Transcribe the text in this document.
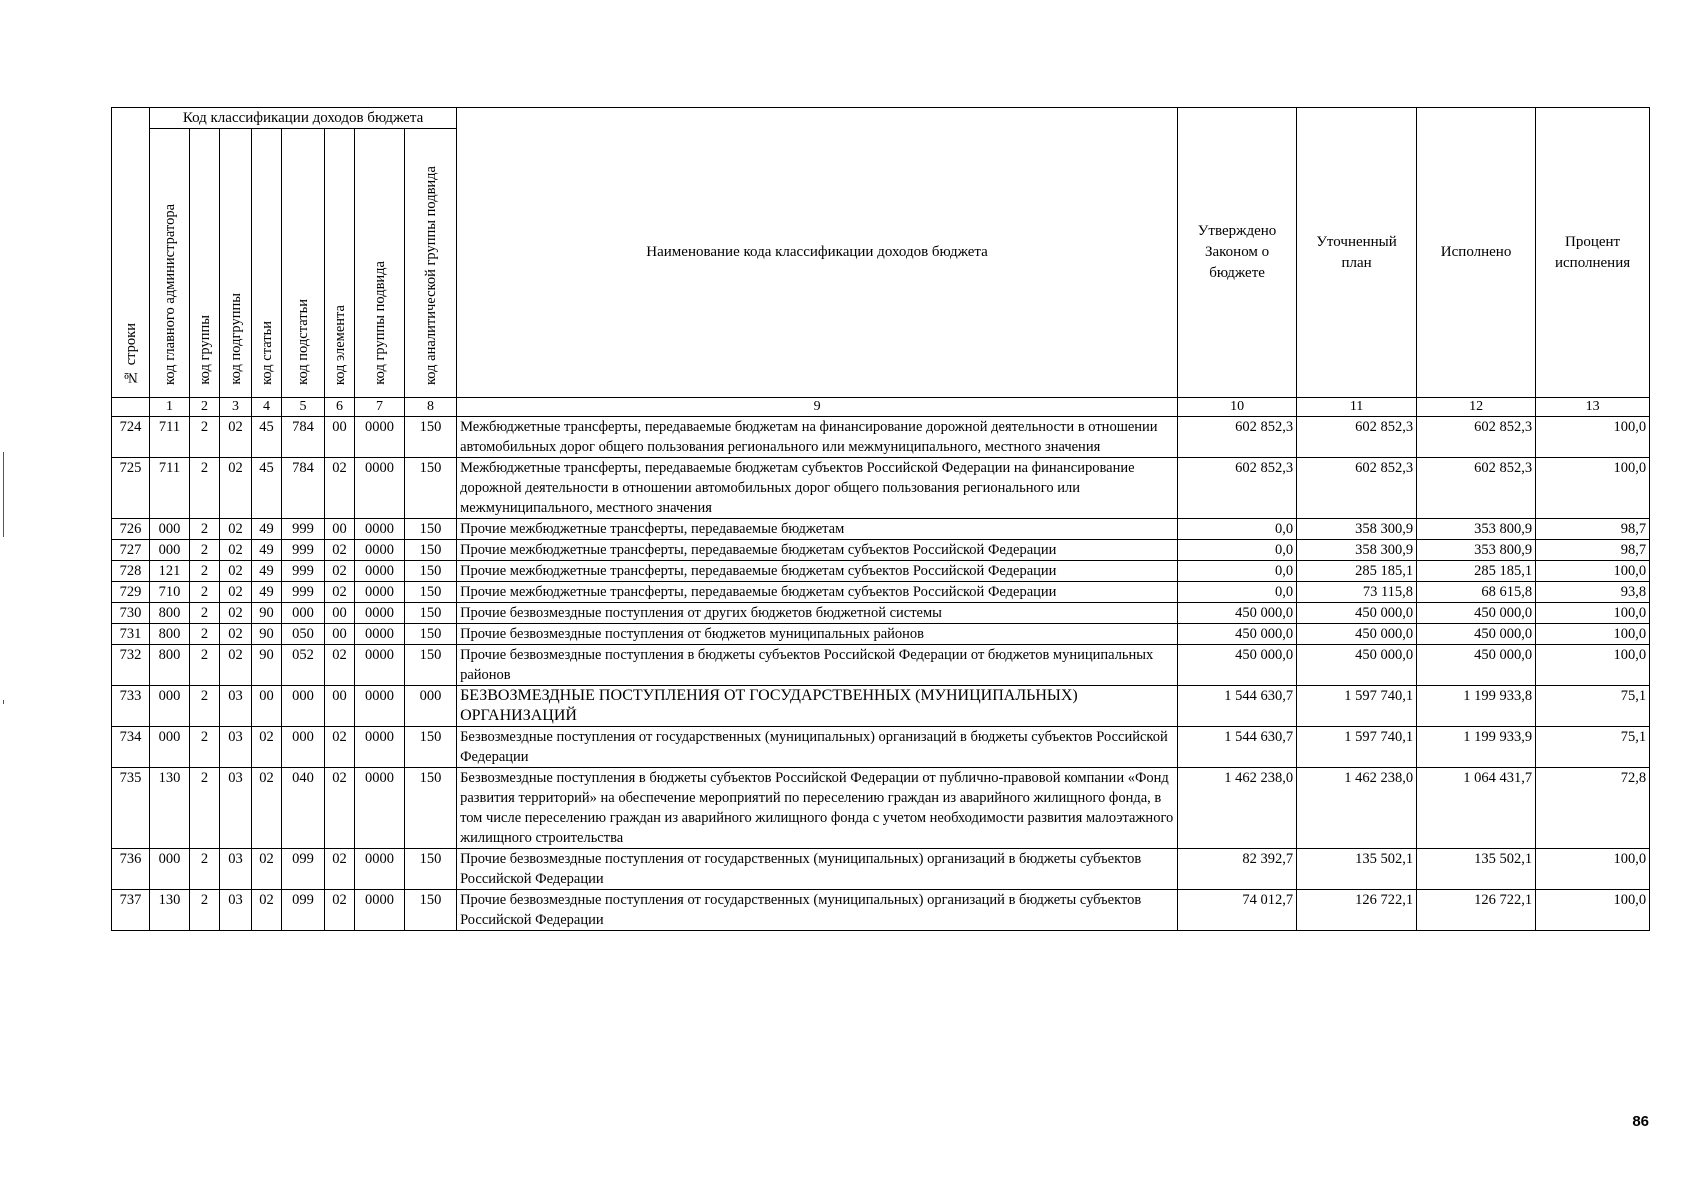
№ строки	Код классификации доходов бюджета								Наименование кода классификации доходов бюджета	Утверждено Законом о бюджете	Уточненный план	Исполнено	Процент исполнения
	код главного администратора	код группы	код подгруппы	код статьи	код подстатьи	код элемента	код группы подвида	код аналитической группы подвида					
	1	2	3	4	5	6	7	8	9	10	11	12	13
724	711	2	02	45	784	00	0000	150	Межбюджетные трансферты, передаваемые бюджетам на финансирование дорожной деятельности в отношении автомобильных дорог общего пользования регионального или межмуниципального, местного значения	602 852,3	602 852,3	602 852,3	100,0
725	711	2	02	45	784	02	0000	150	Межбюджетные трансферты, передаваемые бюджетам субъектов Российской Федерации на финансирование дорожной деятельности в отношении автомобильных дорог общего пользования регионального или межмуниципального, местного значения	602 852,3	602 852,3	602 852,3	100,0
726	000	2	02	49	999	00	0000	150	Прочие межбюджетные трансферты, передаваемые бюджетам	0,0	358 300,9	353 800,9	98,7
727	000	2	02	49	999	02	0000	150	Прочие межбюджетные трансферты, передаваемые бюджетам субъектов Российской Федерации	0,0	358 300,9	353 800,9	98,7
728	121	2	02	49	999	02	0000	150	Прочие межбюджетные трансферты, передаваемые бюджетам субъектов Российской Федерации	0,0	285 185,1	285 185,1	100,0
729	710	2	02	49	999	02	0000	150	Прочие межбюджетные трансферты, передаваемые бюджетам субъектов Российской Федерации	0,0	73 115,8	68 615,8	93,8
730	800	2	02	90	000	00	0000	150	Прочие безвозмездные поступления от других бюджетов бюджетной системы	450 000,0	450 000,0	450 000,0	100,0
731	800	2	02	90	050	00	0000	150	Прочие безвозмездные поступления от бюджетов муниципальных районов	450 000,0	450 000,0	450 000,0	100,0
732	800	2	02	90	052	02	0000	150	Прочие безвозмездные поступления в бюджеты субъектов Российской Федерации от бюджетов муниципальных районов	450 000,0	450 000,0	450 000,0	100,0
733	000	2	03	00	000	00	0000	000	БЕЗВОЗМЕЗДНЫЕ ПОСТУПЛЕНИЯ ОТ ГОСУДАРСТВЕННЫХ (МУНИЦИПАЛЬНЫХ) ОРГАНИЗАЦИЙ	1 544 630,7	1 597 740,1	1 199 933,8	75,1
734	000	2	03	02	000	02	0000	150	Безвозмездные поступления от государственных (муниципальных) организаций в бюджеты субъектов Российской Федерации	1 544 630,7	1 597 740,1	1 199 933,9	75,1
735	130	2	03	02	040	02	0000	150	Безвозмездные поступления в бюджеты субъектов Российской Федерации от публично-правовой компании «Фонд развития территорий» на обеспечение мероприятий по переселению граждан из аварийного жилищного фонда, в том числе переселению граждан из аварийного жилищного фонда с учетом необходимости развития малоэтажного жилищного строительства	1 462 238,0	1 462 238,0	1 064 431,7	72,8
736	000	2	03	02	099	02	0000	150	Прочие безвозмездные поступления от государственных (муниципальных) организаций в бюджеты субъектов Российской Федерации	82 392,7	135 502,1	135 502,1	100,0
737	130	2	03	02	099	02	0000	150	Прочие безвозмездные поступления от государственных (муниципальных) организаций в бюджеты субъектов Российской Федерации	74 012,7	126 722,1	126 722,1	100,0
86
